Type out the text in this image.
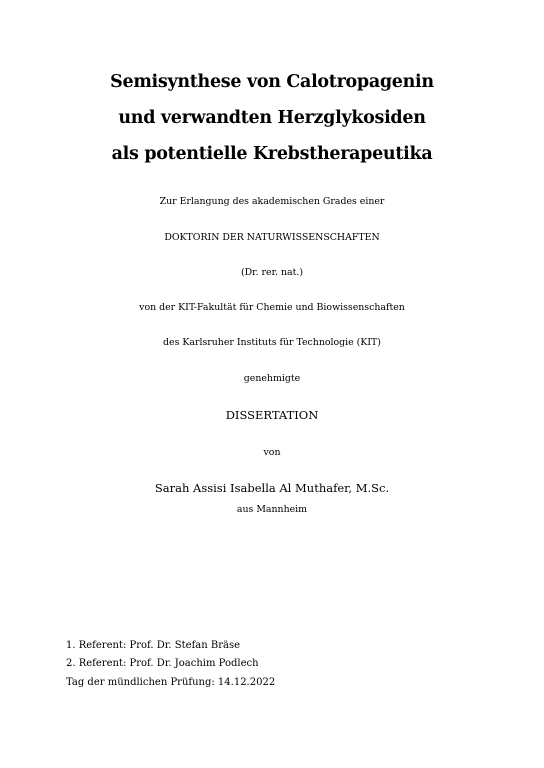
Semisynthese von Calotropagenin
und verwandten Herzglykosiden
als potentielle Krebstherapeutika
Zur Erlangung des akademischen Grades einer
DOKTORIN DER NATURWISSENSCHAFTEN
(Dr. rer. nat.)
von der KIT-Fakultät für Chemie und Biowissenschaften
des Karlsruher Instituts für Technologie (KIT)
genehmigte
DISSERTATION
von
Sarah Assisi Isabella Al Muthafer, M.Sc.
aus Mannheim
1. Referent: Prof. Dr. Stefan Bräse
2. Referent: Prof. Dr. Joachim Podlech
Tag der mündlichen Prüfung: 14.12.2022
